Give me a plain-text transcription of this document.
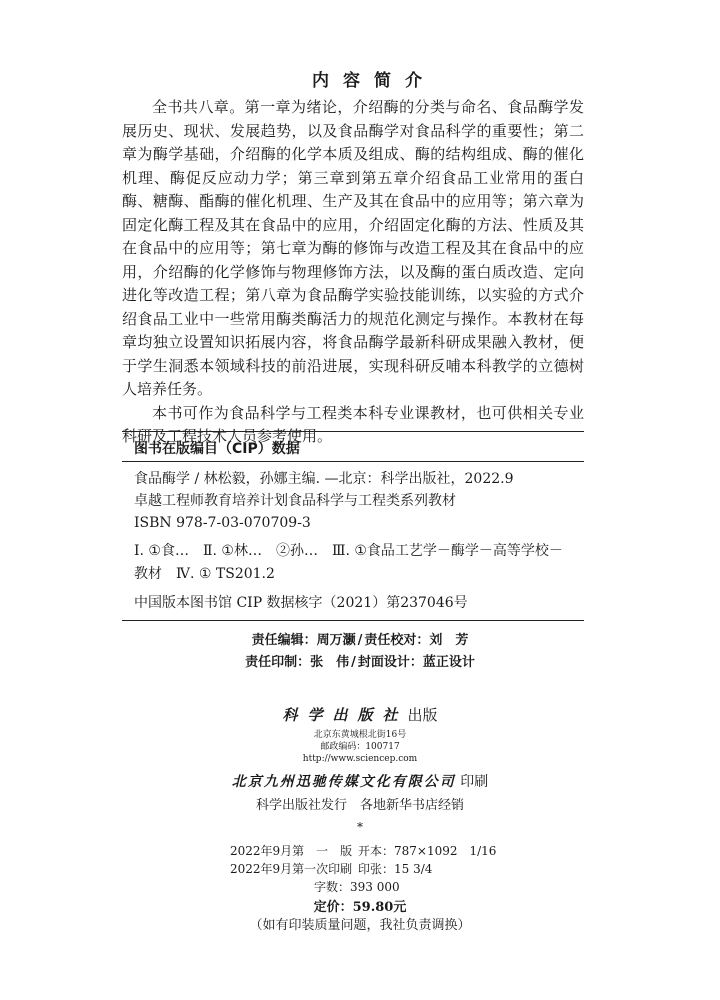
内容简介

全书共八章。第一章为绪论，介绍酶的分类与命名、食品酶学发展历史、现状、发展趋势，以及食品酶学对食品科学的重要性；第二章为酶学基础，介绍酶的化学本质及组成、酶的结构组成、酶的催化机理、酶促反应动力学；第三章到第五章介绍食品工业常用的蛋白酶、糖酶、酯酶的催化机理、生产及其在食品中的应用等；第六章为固定化酶工程及其在食品中的应用，介绍固定化酶的方法、性质及其在食品中的应用等；第七章为酶的修饰与改造工程及其在食品中的应用，介绍酶的化学修饰与物理修饰方法，以及酶的蛋白质改造、定向进化等改造工程；第八章为食品酶学实验技能训练，以实验的方式介绍食品工业中一些常用酶类酶活力的规范化测定与操作。本教材在每章均独立设置知识拓展内容，将食品酶学最新科研成果融入教材，便于学生洞悉本领域科技的前沿进展，实现科研反哺本科教学的立德树人培养任务。

本书可作为食品科学与工程类本科专业课教材，也可供相关专业科研及工程技术人员参考使用。

图书在版编目（CIP）数据
食品酶学 / 林松毅，孙娜主编. —北京：科学出版社，2022.9
卓越工程师教育培养计划食品科学与工程类系列教材
ISBN 978-7-03-070709-3
Ⅰ. ①食…　Ⅱ. ①林…　②孙…　Ⅲ. ①食品工艺学－酶学－高等学校－
教材　Ⅳ. ① TS201.2
中国版本图书馆 CIP 数据核字（2021）第237046号
责任编辑：周万灏 / 责任校对：刘　芳
责任印制：张　伟 / 封面设计：蓝正设计
科学出版社出版
北京东黄城根北街16号
邮政编码：100717
http://www.sciencep.com
北京九州迅驰传媒文化有限公司 印刷
科学出版社发行　各地新华书店经销
*
2022年9月第　一　版 开本：787×1092　1/16
2022年9月第一次印刷 印张：15 3/4
字数：393 000
定价：59.80元
（如有印装质量问题，我社负责调换）
